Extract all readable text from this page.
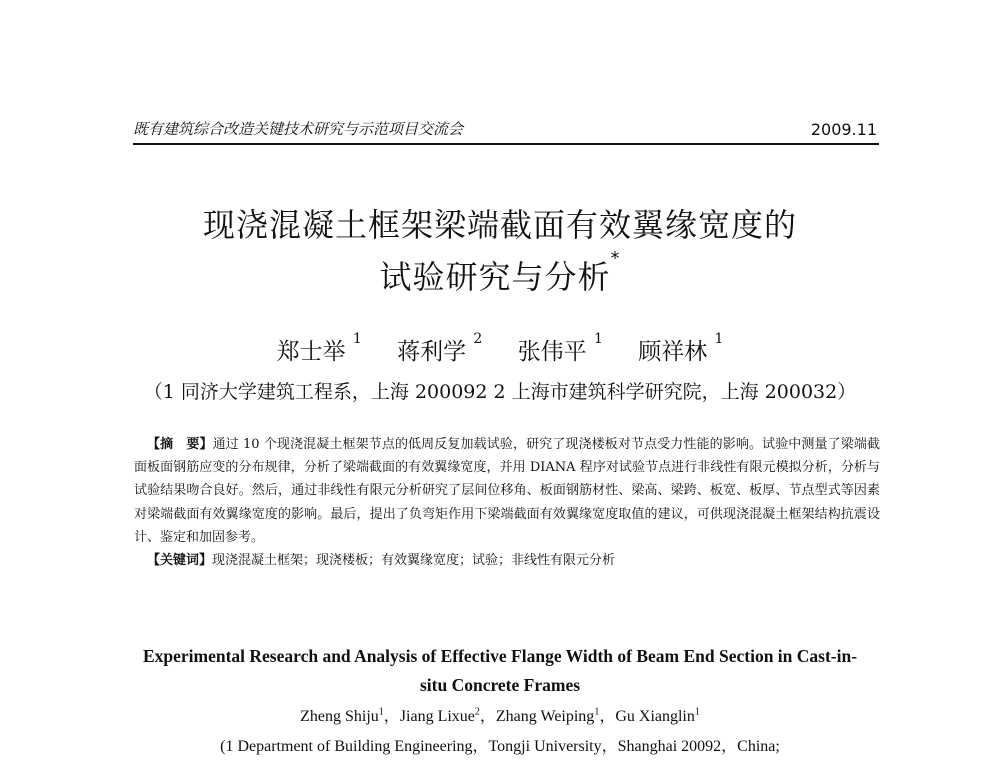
既有建筑综合改造关键技术研究与示范项目交流会	2009.11
现浇混凝土框架梁端截面有效翼缘宽度的
试验研究与分析*
郑士举 $^1$ 蒋利学 $^2$ 张伟平 $^1$ 顾祥林 $^1$
（1 同济大学建筑工程系，上海 200092 2 上海市建筑科学研究院，上海 200032）

【摘　要】通过 10 个现浇混凝土框架节点的低周反复加载试验，研究了现浇楼板对节点受力性能的影响。试验中测量了梁端截面板面钢筋应变的分布规律，分析了梁端截面的有效翼缘宽度，并用 DIANA 程序对试验节点进行非线性有限元模拟分析，分析与试验结果吻合良好。然后，通过非线性有限元分析研究了层间位移角、板面钢筋材性、梁高、梁跨、板宽、板厚、节点型式等因素对梁端截面有效翼缘宽度的影响。最后，提出了负弯矩作用下梁端截面有效翼缘宽度取值的建议，可供现浇混凝土框架结构抗震设计、鉴定和加固参考。

【关键词】现浇混凝土框架；现浇楼板；有效翼缘宽度；试验；非线性有限元分析

Experimental Research and Analysis of Effective Flange Width of Beam End Section in Cast-in-situ Concrete Frames
Zheng Shiju$^1$，Jiang Lixue$^2$，Zhang Weiping$^1$，Gu Xianglin$^1$
(1 Department of Building Engineering，Tongji University，Shanghai 20092，China;
